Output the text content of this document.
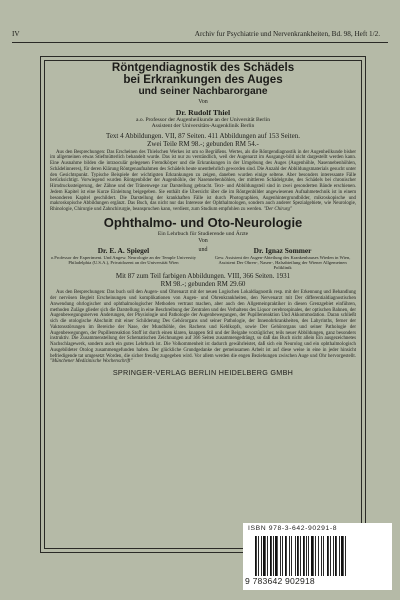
IV	Archiv fur Psychiatrie und Nervenkrankheiten, Bd. 98, Heft 1/2.
Röntgendiagnostik des Schädels
bei Erkrankungen des Auges
und seiner Nachbarorgane
Von
Dr. Rudolf Thiel
a.o. Professor der Augenheilkunde an der Universität Berlin
Assistent der Universitäts-Augenklinik Berlin
Text 4 Abbildungen. VII, 87 Seiten. 411 Abbildungen auf 153 Seiten.
Zwei Teile RM 98.-; gebunden RM 54.-
Aus den Besprechungen: Das Erscheinen des Thielschen Werkes ist um so Begrüßens. Wertes, als die Röntgendiagnostik in der Augenheilkunde bisher im allgemeinen etwas Stiefmütterlich behandelt wurde. Das ist nur zu verständlich, weil der Augenarzt im Ausgangs-bild nicht dargestellt werden kann. Eine Ausnahme bilden die intraoculär gelegenen Fremdkörper und die Erkrankungen in der Umgebung des Auges (Augenhöhle, Nasennebenhöhlen, Schädelinneres), für deren Klärung Röntgenaufnahmen des Schädels heute unentbehrlich geworden sind. Die Anzahl der Abbildungsmaterials gesucht unter den Gesichtspunkt. Typische Beispiele der wichtigsten Erkrankungen zu zeigen, daneben wurden einige seltene. Aber besonders interessante Fälle berücksichtigt. Vorwiegend wurden Röntgenbilder der Augenhöhle, der Nasennebenhöhlen, der mittleren Schädelgrube, des Schädels bei chronischer Hirndruckssteigerung, der Zähne und der Tränenwege zur Darstellung gebracht. Text- und Abbildungsteil sind in zwei gesonderten Bände erschienen. Jedem Kapitel ist eine Kurze Einleitung beigegeben. Sie enthält die Übersicht über die im Röntgenbilder angewiesenen Aufnahmetechnik ist in einem besonderen Kapitel geschildert. Die Darstellung der krankhaften Fälle ist durch Photographien, Augenhintergrundbilder, mikroskopische und makroskopische Abbildungen ergänzt. Das Buch, das nicht nur das Interesse der Ophthalmologen, sondern auch anderer Spezialgebiete, wie Neurologie, Rhinologie, Chirurgie und Zahnchirurgie, beanspruchen kann, verdient, zum Studium empfohlen zu werden. "Der Chirurg"
Ophthalmo- und Oto-Neurologie
Ein Lehrbuch für Studierende und Ärzte
Von
Dr. E. A. Spiegel
o.Professor der Experiment. Und Angew. Neurologie an der Temple University Philadelphia (U.S.A.), Privatdozent an der Universität Wien
und	Dr. Ignaz Sommer
Gew. Assistent der Augen-Abteilung des Krankenhauses Wieden in Wien, Assistent Der Ohren-, Nasen-, Halsabteilung der Wiener Allgemeinen Poliklinik
Mit 87 zum Teil farbigen Abbildungen. VIII, 366 Seiten. 1931
RM 98.-; gebunden RM 29.60
Aus den Besprechungen: Das buch soll den Augen- und Ohrenarzt mit der neuen Logischen Lokaldiagnostik resp. mit der Erkennung und Behandlung der nervösen Begleit Erscheinungen und komplikationen von Augen- und Ohrenkrankheiten, den Nervenarzt mit Der differentialdiagnostischen Anwendung ohrlogischer und ophthalmologischer Methoden vertraut machen, aber auch den Allgemeinpraktiker in diesen Grenzgebiet einführen, methoden Zuläge glieder sich die Darstellung in eine Beschreibung der Zentralen und des Verhaltens des Liquor cerebrospinales, der optischen Bahnen, der Augenbewegungsnerven Änderungen, der Physiologie und Pathologie der Augenbewegungen, der Pupillenreaktion Und Akkommodation. Daran schließt sich die otologische Abschnitt mit einer Schilderung Des Gehörorgans und seiner Pathologie, der Innenohrkrankheiten, des Labyrinths, ferner der Vaktonsstörungen im Bereiche der Nase, der Mundhöhle, des Rachens und Kehlkopfs, sowie Der Gehörorgans und seiner Pathologie der Augenbewegungen, der Pupillenreaktion Stoff ist durch einen klaren, knappen Stil und der Beigabe vorzüglicher, teils neuer Abbildungen, ganz besonders instruktiv. Die Zusammenstellung der Schematischen Zeichnungen auf 366 Seiten zusammengedrängt, so daß das Buch nicht allein Ein ausgezeichnetes Nachschlagewerk, sondern auch ein gutes Lehrbuch ist. Die Volkommenheit ist dadurch gewährleistet, daß sich ein Neurolog und ein ophthalmologisch Ausgebildeter Otolog zusammengefunden haben. Der glückliche Grundgedanke der gemeinsamen Arbeit ist auf diese weise in eine in jeder hinsicht befriedigende tat umgesetzt Worden, die sicher freudig zugegeben wird. Vor allem werden die engen Beziehungen zwischen Auge und Ohr hervorgestellt. "Münchener Medizinische Wochenschrift"
SPRINGER-VERLAG BERLIN HEIDELBERG GMBH
ISBN 978-3-642-90291-8
9 783642 902918
